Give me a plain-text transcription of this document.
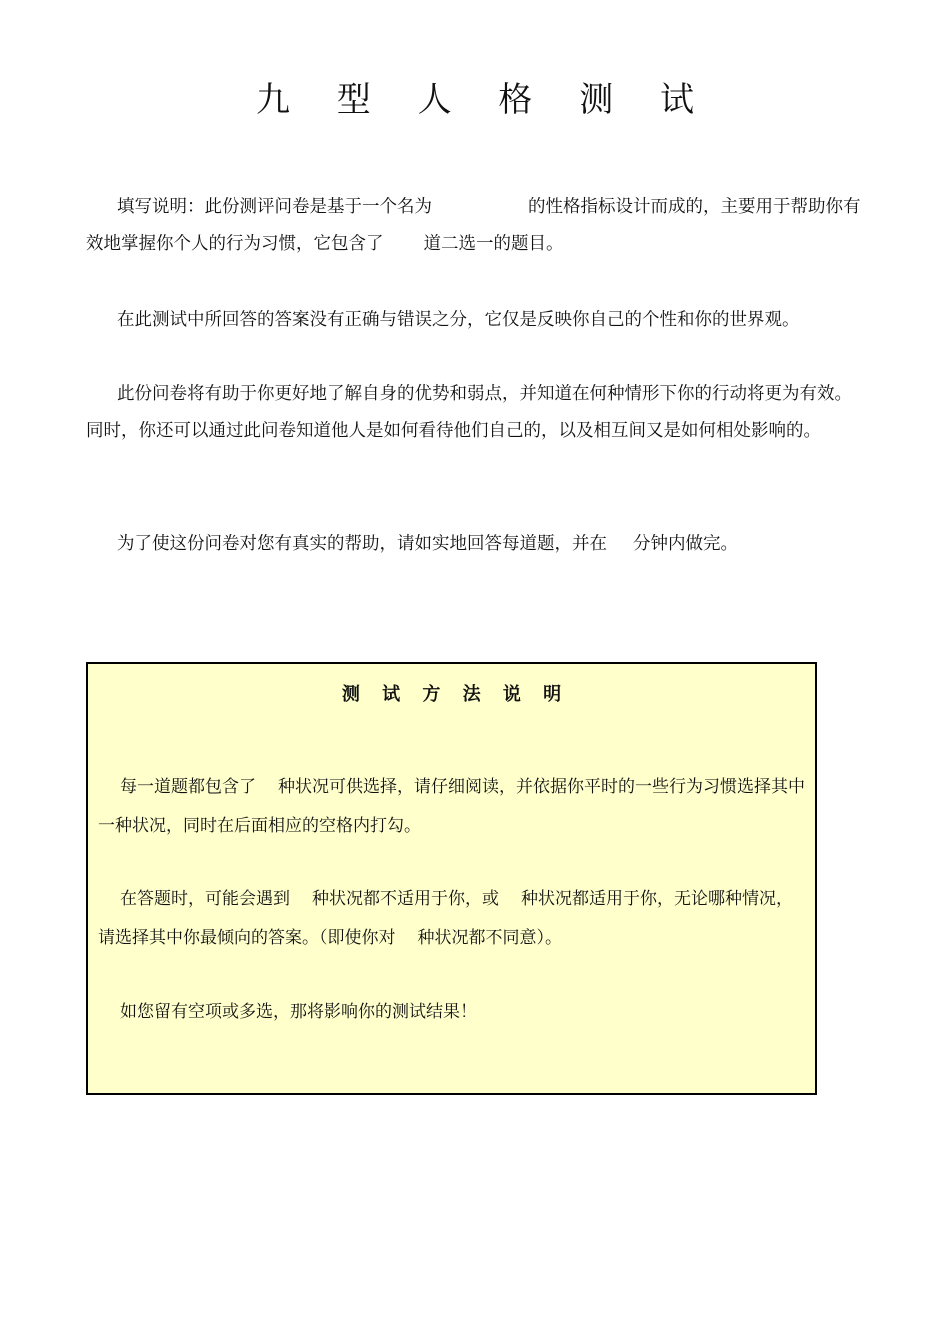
九 型 人 格 测 试

填写说明：此份测评问卷是基于一个名为	的性格指标设计而成的，主要用于帮助你有效地掌握你个人的行为习惯，它包含了 道二选一的题目。

在此测试中所回答的答案没有正确与错误之分，它仅是反映你自己的个性和你的世界观。

此份问卷将有助于你更好地了解自身的优势和弱点，并知道在何种情形下你的行动将更为有效。同时，你还可以通过此问卷知道他人是如何看待他们自己的，以及相互间又是如何相处影响的。

为了使这份问卷对您有真实的帮助，请如实地回答每道题，并在 分钟内做完。

测 试 方 法 说 明

每一道题都包含了 种状况可供选择，请仔细阅读，并依据你平时的一些行为习惯选择其中一种状况，同时在后面相应的空格内打勾。

在答题时，可能会遇到 种状况都不适用于你，或 种状况都适用于你，无论哪种情况，请选择其中你最倾向的答案。（即使你对 种状况都不同意）。

如您留有空项或多选，那将影响你的测试结果！
